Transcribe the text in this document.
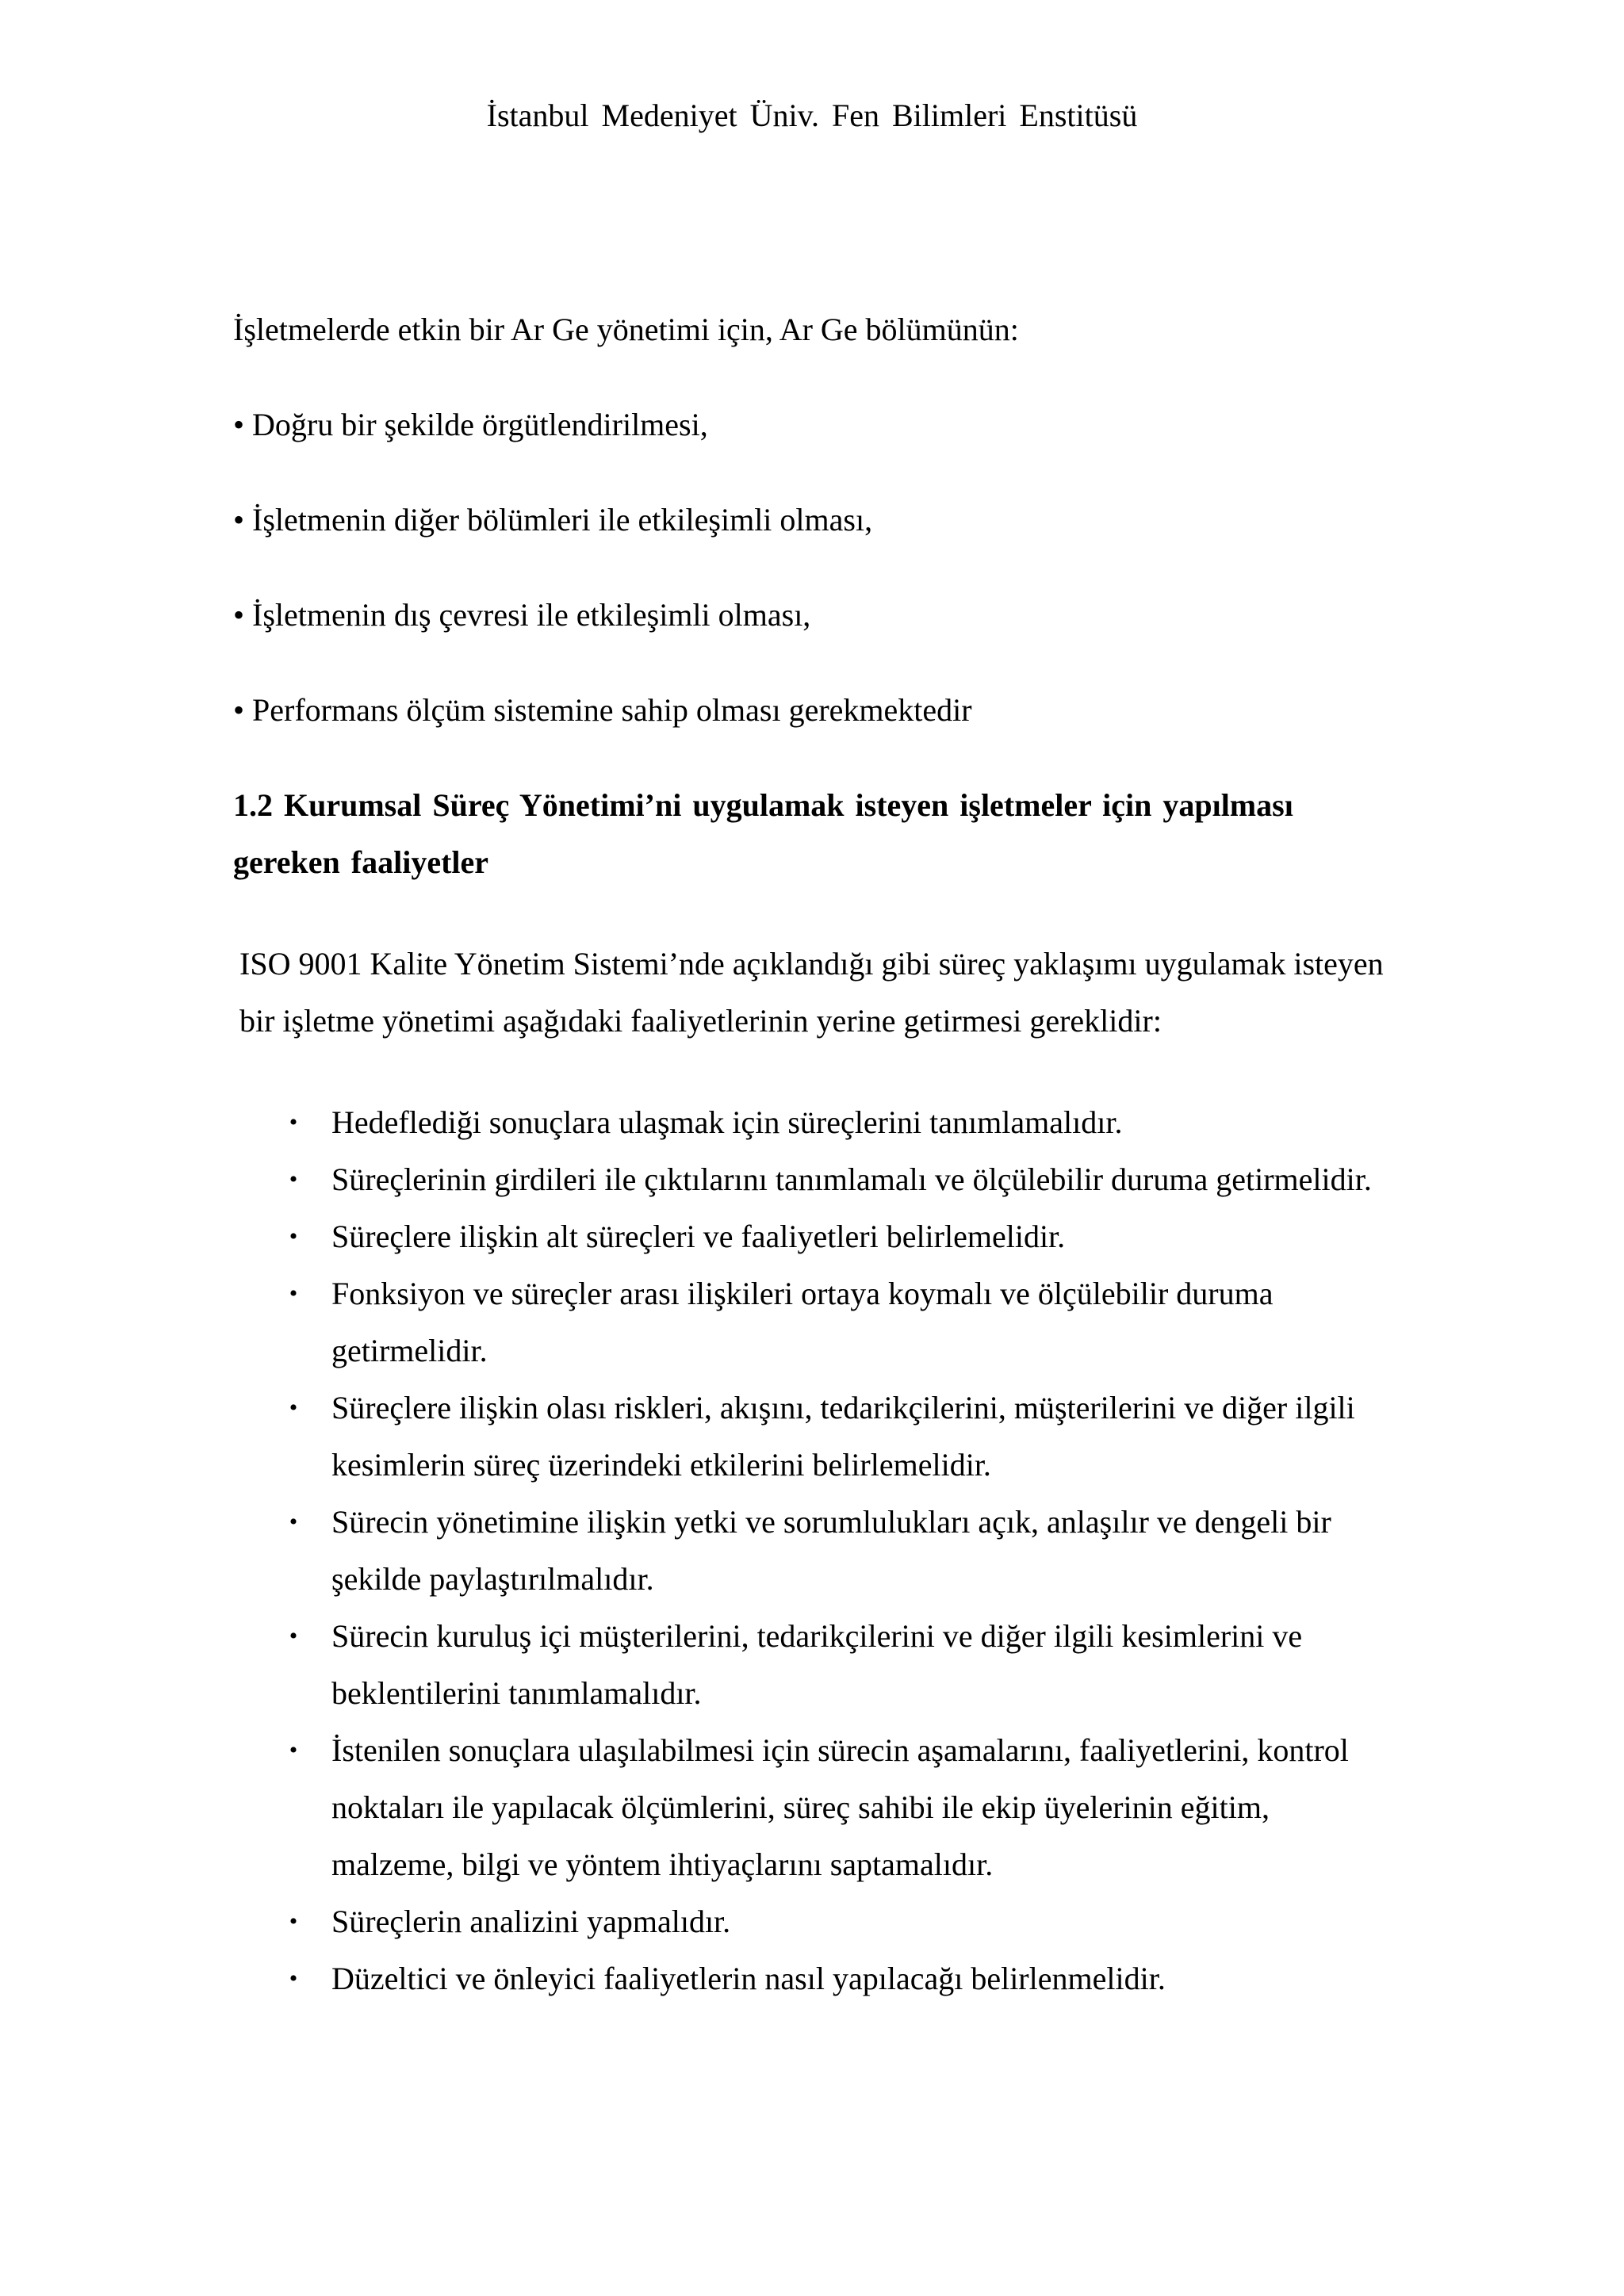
İstanbul Medeniyet Üniv. Fen Bilimleri Enstitüsü

İşletmelerde etkin bir Ar Ge yönetimi için, Ar Ge bölümünün:

• Doğru bir şekilde örgütlendirilmesi,

• İşletmenin diğer bölümleri ile etkileşimli olması,

• İşletmenin dış çevresi ile etkileşimli olması,

• Performans ölçüm sistemine sahip olması gerekmektedir

1.2 Kurumsal Süreç Yönetimi’ni uygulamak isteyen işletmeler için yapılması gereken faaliyetler

ISO 9001 Kalite Yönetim Sistemi’nde açıklandığı gibi süreç yaklaşımı uygulamak isteyen bir işletme yönetimi aşağıdaki faaliyetlerinin yerine getirmesi gereklidir:

• Hedeflediği sonuçlara ulaşmak için süreçlerini tanımlamalıdır.
• Süreçlerinin girdileri ile çıktılarını tanımlamalı ve ölçülebilir duruma getirmelidir.
• Süreçlere ilişkin alt süreçleri ve faaliyetleri belirlemelidir.
• Fonksiyon ve süreçler arası ilişkileri ortaya koymalı ve ölçülebilir duruma getirmelidir.
• Süreçlere ilişkin olası riskleri, akışını, tedarikçilerini, müşterilerini ve diğer ilgili kesimlerin süreç üzerindeki etkilerini belirlemelidir.
• Sürecin yönetimine ilişkin yetki ve sorumlulukları açık, anlaşılır ve dengeli bir şekilde paylaştırılmalıdır.
• Sürecin kuruluş içi müşterilerini, tedarikçilerini ve diğer ilgili kesimlerini ve beklentilerini tanımlamalıdır.
• İstenilen sonuçlara ulaşılabilmesi için sürecin aşamalarını, faaliyetlerini, kontrol noktaları ile yapılacak ölçümlerini, süreç sahibi ile ekip üyelerinin eğitim, malzeme, bilgi ve yöntem ihtiyaçlarını saptamalıdır.
• Süreçlerin analizini yapmalıdır.
• Düzeltici ve önleyici faaliyetlerin nasıl yapılacağı belirlenmelidir.
